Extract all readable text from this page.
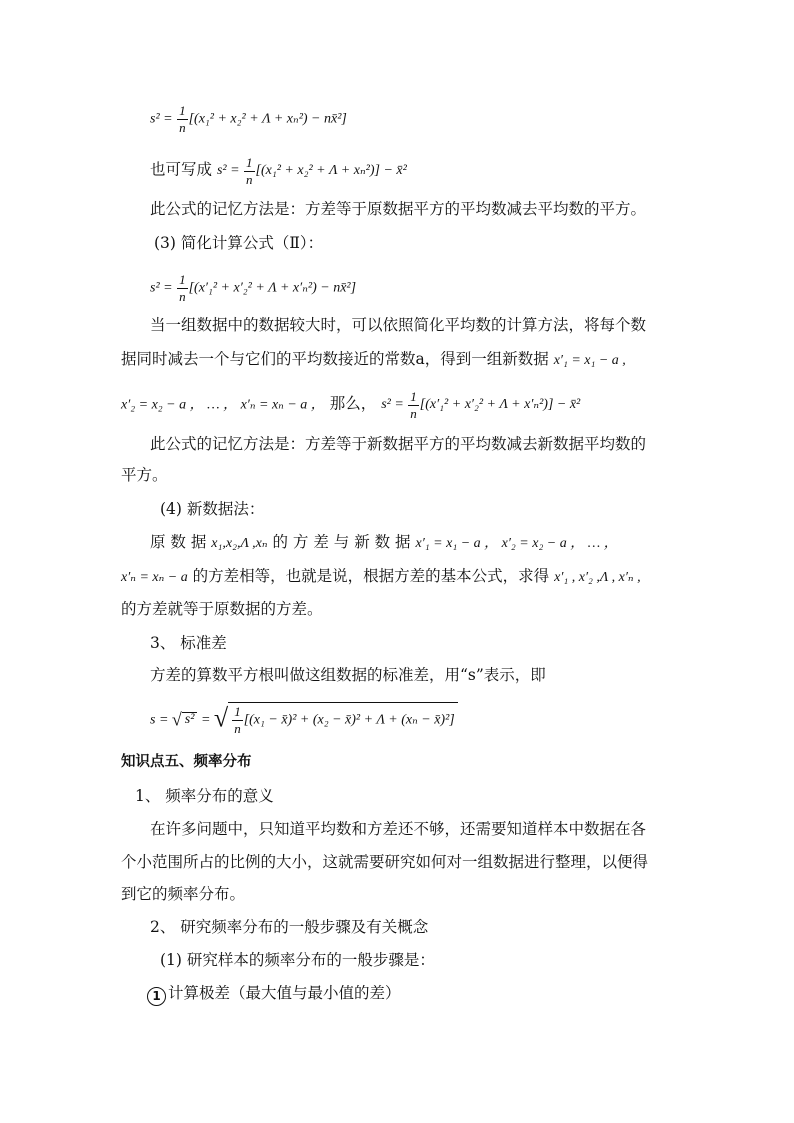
$s^2 = \frac{1}{n} [(x_1^2 + x_2^2 + \Lambda + x_n^2)$ − nx̄²]
也可写成 $s^2 = \frac{1}{n} [(x_1^2 + x_2^2 + \Lambda + x_n^2)]$ − x̄²
此公式的记忆方法是：方差等于原数据平方的平均数减去平均数的平方。
(3) 简化计算公式（Ⅱ）：
$s^2 = \frac{1}{n} [(x'_1^2 + x'_2^2 + \Lambda + x'_n^2)$ − nx̄²]
当一组数据中的数据较大时，可以依照简化平均数的计算方法，将每个数
据同时减去一个与它们的平均数接近的常数a，得到一组新数据 x′₁ = x₁ − a ,
x′₂ = x₂ − a ， … ， x′ₙ = xₙ − a ， 那么， $s^2 = \frac{1}{n} [(x'_1^2 + x'_2^2 + \Lambda + x'_n^2)]$ − x̄²
此公式的记忆方法是：方差等于新数据平方的平均数减去新数据平均数的
平方。
(4) 新数据法：
原 数 据 x₁,x₂,Λ ,xₙ 的 方 差 与 新 数 据 x′₁ = x₁ − a ， x′₂ = x₂ − a ， … ，
x′ₙ = xₙ − a 的方差相等，也就是说，根据方差的基本公式，求得 x′₁ , x′₂ ,Λ , x′ₙ ,
的方差就等于原数据的方差。
3、 标准差
方差的算数平方根叫做这组数据的标准差，用“s”表示，即
s = √ s² = √ $\frac{1}{n} [(x_1$ − x̄)² + (x₂ − x̄)² + Λ + (xₙ − x̄)²]
知识点五、频率分布
1、 频率分布的意义
在许多问题中，只知道平均数和方差还不够，还需要知道样本中数据在各
个小范围所占的比例的大小，这就需要研究如何对一组数据进行整理，以便得
到它的频率分布。
2、 研究频率分布的一般步骤及有关概念
(1) 研究样本的频率分布的一般步骤是：
1 计算极差（最大值与最小值的差）
